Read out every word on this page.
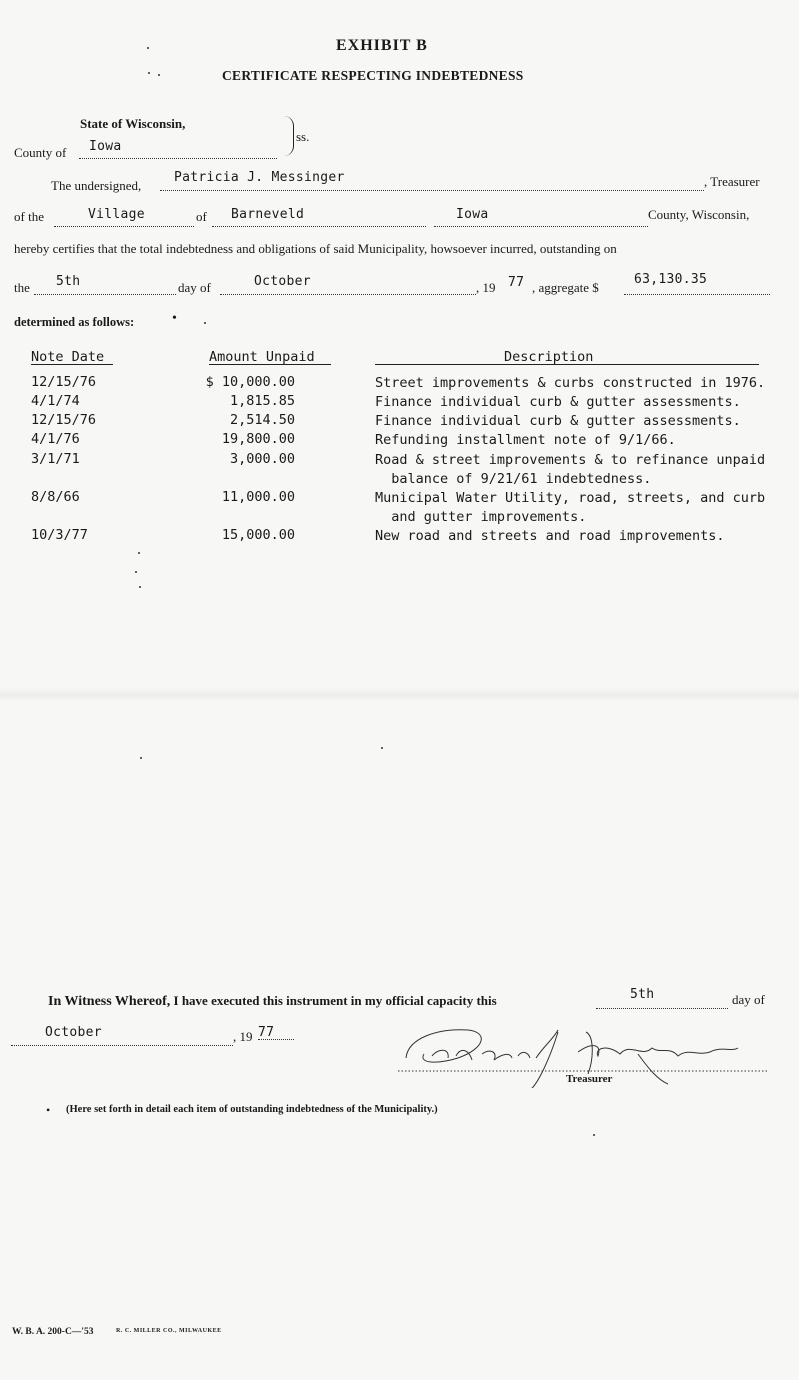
EXHIBIT B
CERTIFICATE RESPECTING INDEBTEDNESS
State of Wisconsin,
County of Iowa
ss.
The undersigned,
Patricia J. Messinger	, Treasurer
of the	Village	of Barneveld	Iowa	County, Wisconsin,
hereby certifies that the total indebtedness and obligations of said Municipality, howsoever incurred, outstanding on
the 5th	day of	October	, 19 77 , aggregate $
63,130.35
determined as follows:	•
Note Date	Amount Unpaid	Description
12/15/76	$ 10,000.00	Street improvements & curbs constructed in 1976.
4/1/74	1,815.85	Finance individual curb & gutter assessments.
12/15/76	2,514.50	Finance individual curb & gutter assessments.
4/1/76	19,800.00	Refunding installment note of 9/1/66.
3/1/71	3,000.00	Road & street improvements & to refinance unpaid
balance of 9/21/61 indebtedness.
8/8/66	11,000.00	Municipal Water Utility, road, streets, and curb
and gutter improvements.
10/3/77	15,000.00	New road and streets and road improvements.
In Witness Whereof, I have executed this instrument in my official capacity this	5th	day of
October	, 19 77
Treasurer
• (Here set forth in detail each item of outstanding indebtedness of the Municipality.)
W. B. A. 200-C—'53	R. C. MILLER CO., MILWAUKEE
